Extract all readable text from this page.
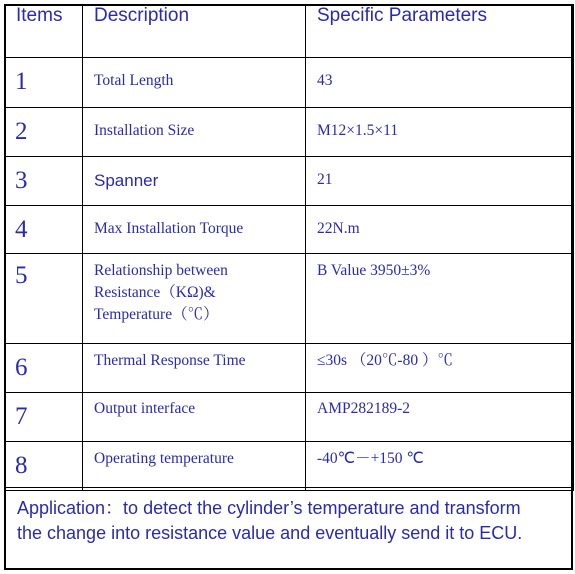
Items	Description	Specific Parameters

1	Total Length	43

2	Installation Size	M12×1.5×11

3	Spanner	21

4	Max Installation Torque	22N.m

5	Relationship between
Resistance（KΩ)&
Temperature（℃）	B Value 3950±3%

6	Thermal Response Time	≤30s （20℃-80 ）℃

7	Output interface	AMP282189-2

8	Operating temperature	-40℃－+150 ℃

Application：to detect the cylinder’s temperature and transform

the change into resistance value and eventually send it to ECU.
